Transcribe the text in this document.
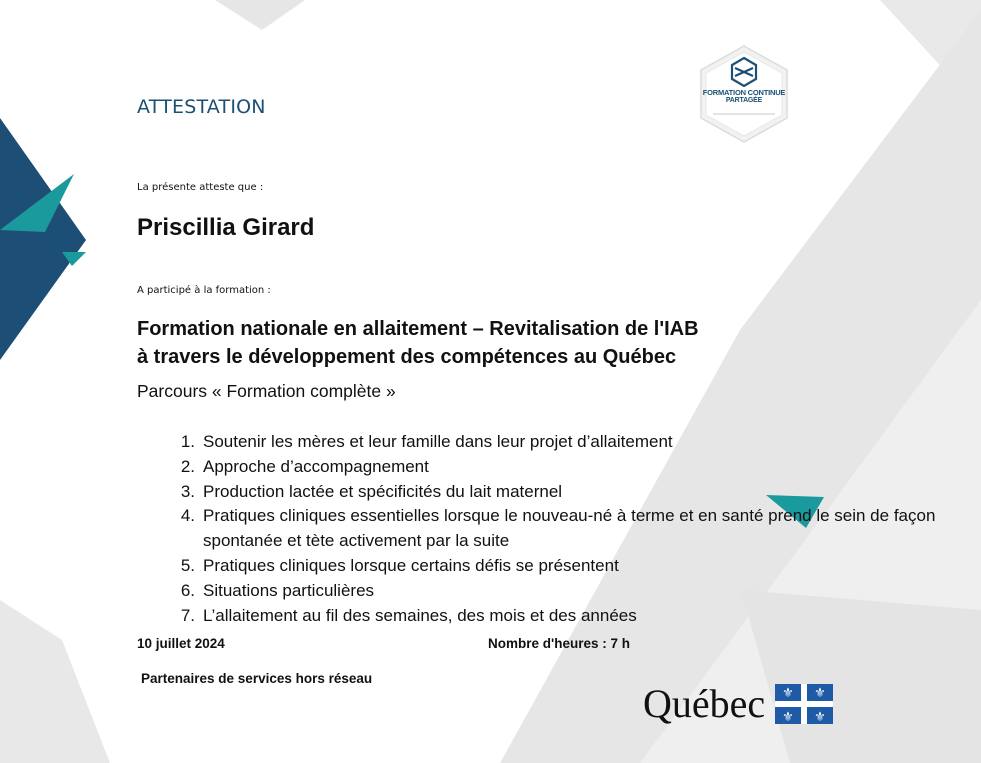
ATTESTATION
FORMATION CONTINUE
PARTAGÉE
La présente atteste que :
Priscillia Girard
A participé à la formation :
Formation nationale en allaitement – Revitalisation de l'IAB
à travers le développement des compétences au Québec
Parcours « Formation complète »
1. Soutenir les mères et leur famille dans leur projet d’allaitement
2. Approche d’accompagnement
3. Production lactée et spécificités du lait maternel
4. Pratiques cliniques essentielles lorsque le nouveau-né à terme et en santé prend le sein de façon spontanée et tète activement par la suite
5. Pratiques cliniques lorsque certains défis se présentent
6. Situations particulières
7. L’allaitement au fil des semaines, des mois et des années
10 juillet 2024	Nombre d'heures : 7 h
Partenaires de services hors réseau
Québec ⚜ ⚜
⚜ ⚜
